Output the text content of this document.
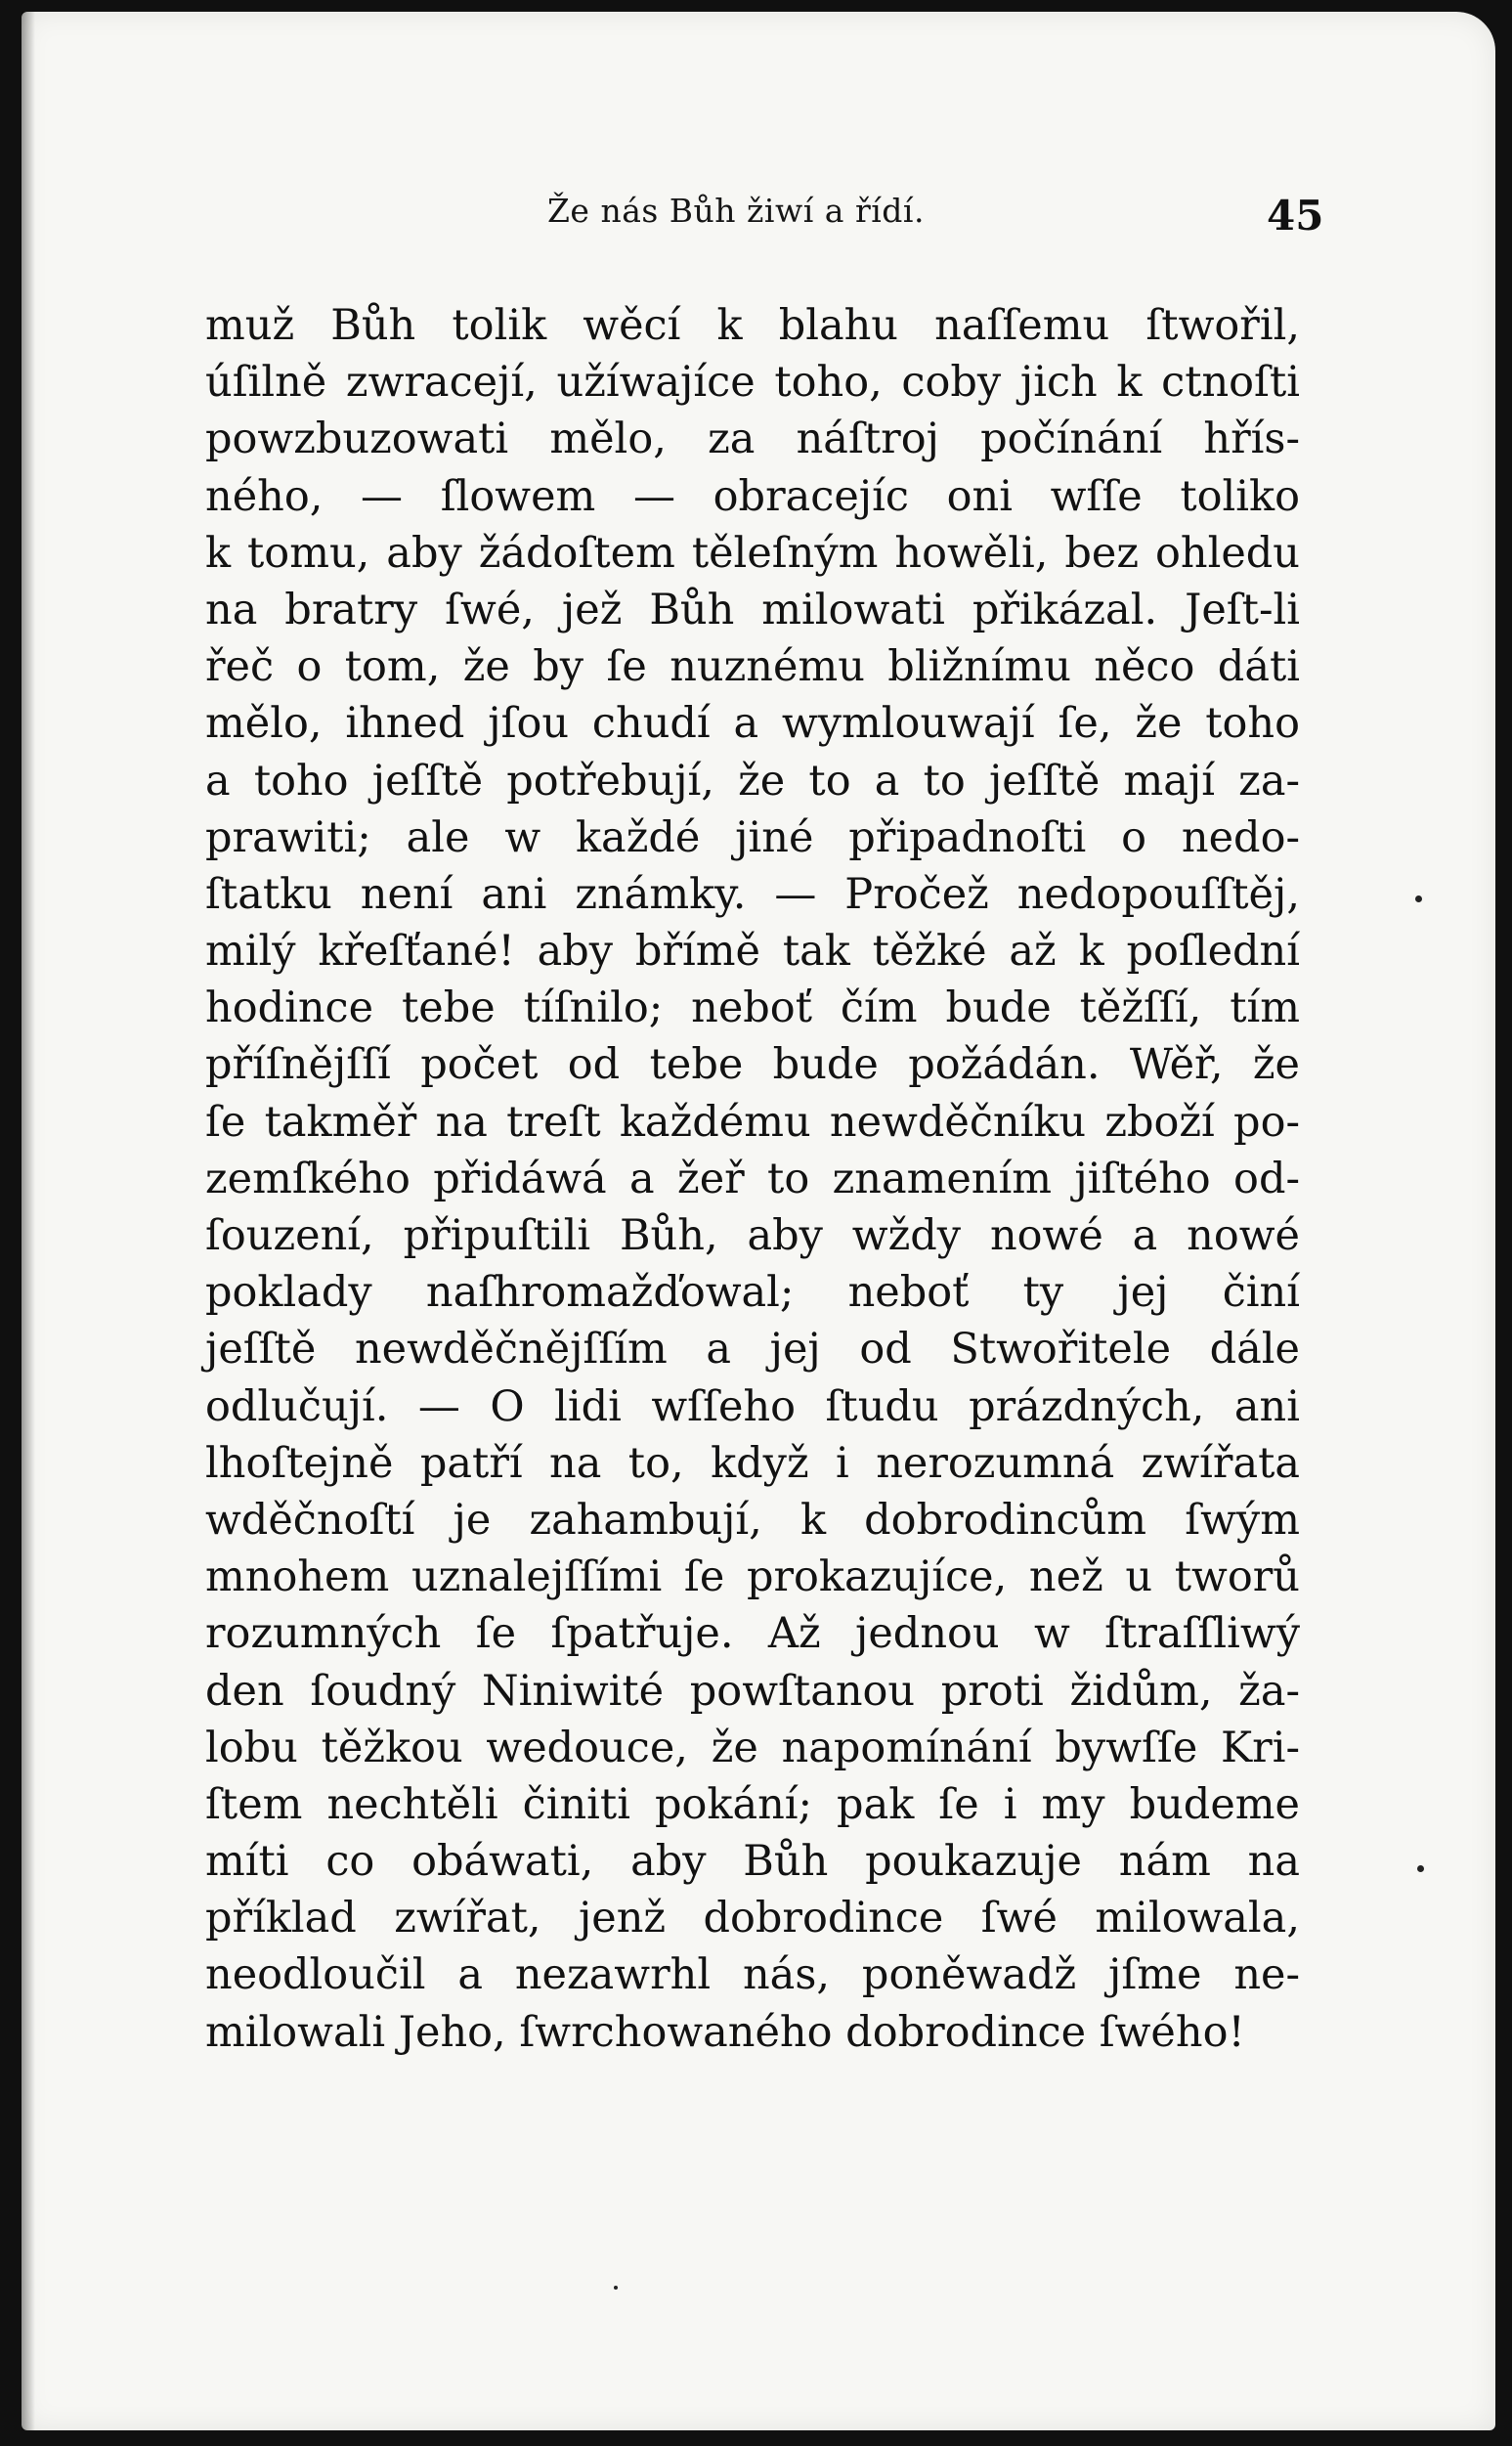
Že nás Bůh žiwí a řídí.	45
muž Bůh tolik wěcí k blahu naſſemu ſtwořil,
úſilně zwracejí, užíwajíce toho, coby jich k ctnoſti
powzbuzowati mělo, za náſtroj počínání hřís-
ného, — ſlowem — obracejíc oni wſſe toliko
k tomu, aby žádoſtem těleſným howěli, bez ohledu
na bratry ſwé, jež Bůh milowati přikázal. Jeſt-li
řeč o tom, že by ſe nuznému bližnímu něco dáti
mělo, ihned jſou chudí a wymlouwají ſe, že toho
a toho jeſſtě potřebují, že to a to jeſſtě mají za-
prawiti; ale w každé jiné připadnoſti o nedo-
ſtatku není ani známky. — Pročež nedopouſſtěj,
milý křeſťané! aby břímě tak těžké až k poſlední
hodince tebe tíſnilo; neboť čím bude těžſſí, tím
příſnějſſí počet od tebe bude požádán. Wěř, že
ſe takměř na treſt každému newděčníku zboží po-
zemſkého přidáwá a žeř to znamením jiſtého od-
ſouzení, připuſtili Bůh, aby wždy nowé a nowé
poklady naſhromažďowal; neboť ty jej činí
jeſſtě newděčnějſſím a jej od Stwořitele dále
odlučují. — O lidi wſſeho ſtudu prázdných, ani
lhoſtejně patří na to, když i nerozumná zwířata
wděčnoſtí je zahambují, k dobrodincům ſwým
mnohem uznalejſſími ſe prokazujíce, než u tworů
rozumných ſe ſpatřuje. Až jednou w ſtraſſliwý
den ſoudný Niniwité powſtanou proti židům, ža-
lobu těžkou wedouce, že napomínání bywſſe Kri-
ſtem nechtěli činiti pokání; pak ſe i my budeme
míti co obáwati, aby Bůh poukazuje nám na
příklad zwířat, jenž dobrodince ſwé milowala,
neodloučil a nezawrhl nás, poněwadž jſme ne-
milowali Jeho, ſwrchowaného dobrodince ſwého!
